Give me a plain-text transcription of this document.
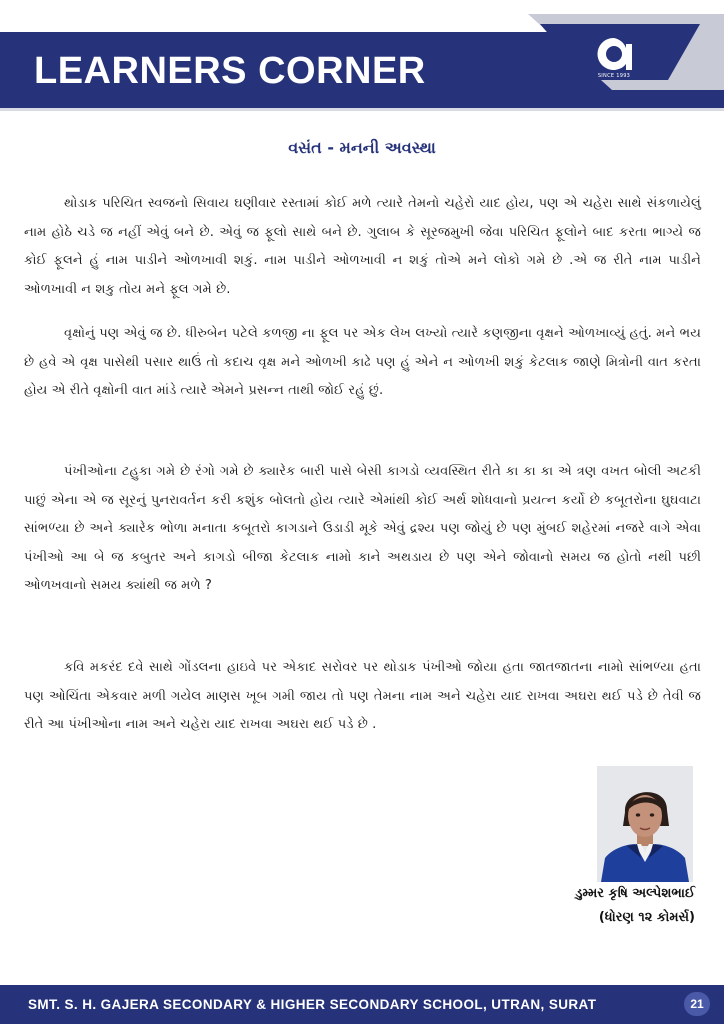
LEARNERS CORNER	SINCE 1993
વસંત - મનની અવસ્થા

થોડાક પરિચિત સ્વજનો સિવાય ઘણીવાર રસ્તામાં કોઈ મળે ત્યારે તેમનો ચહેરો યાદ હોય, પણ એ ચહેરા સાથે સંકળાયેલું નામ હોઠે ચડે જ નહીં એવું બને છે. એવું જ ફૂલો સાથે બને છે. ગુલાબ કે સૂરજમુખી જેવા પરિચિત ફૂલોને બાદ કરતા ભાગ્યે જ કોઈ ફૂલને હું નામ પાડીને ઓળખાવી શકું. નામ પાડીને ઓળખાવી ન શકું તોએ મને લોકો ગમે છે .એ જ રીતે નામ પાડીને ઓળખાવી ન શકુ તોય મને ફૂલ ગમે છે.

વૃક્ષોનું પણ એવું જ છે. ધીરુબેન પટેલે કળજી ના ફૂલ પર એક લેખ લખ્યો ત્યારે કણજીના વૃક્ષને ઓળખાવ્યું હતું. મને ભય છે હવે એ વૃક્ષ પાસેથી પસાર થાઉં તો કદાચ વૃક્ષ મને ઓળખી કાઢે પણ હું એને ન ઓળખી શકું કેટલાક જાણે મિત્રોની વાત કરતા હોય એ રીતે વૃક્ષોની વાત માંડે ત્યારે એમને પ્રસન્ન તાથી જોઈ રહું છું.

પંખીઓના ટહુકા ગમે છે રંગો ગમે છે ક્યારેક બારી પાસે બેસી કાગડો વ્યવસ્થિત રીતે કા કા કા એ ત્રણ વખત બોલી અટકી પાછું એના એ જ સૂરનું પુનરાવર્તન કરી કશુંક બોલતો હોય ત્યારે એમાંથી કોઈ અર્થ શોધવાનો પ્રયત્ન કર્યો છે કબૂતરોના ઘુઘવાટા સાંભળ્યા છે અને ક્યારેક ભોળા મનાતા કબૂતરો કાગડાને ઉડાડી મૂકે એવું દ્રશ્ય પણ જોયું છે પણ મુંબઈ શહેરમાં નજરે વાગે એવા પંખીઓ આ બે જ કબુતર અને કાગડો બીજા કેટલાક નામો કાને અથડાય છે પણ એને જોવાનો સમય જ હોતો નથી પછી ઓળખવાનો સમય ક્યાંથી જ મળે ?

કવિ મકરંદ દવે સાથે ગોંડલના હાઇવે પર એકાદ સરોવર પર થોડાક પંખીઓ જોયા હતા જાતજાતના નામો સાંભળ્યા હતા પણ ઓચિંતા એકવાર મળી ગયેલ માણસ ખૂબ ગમી જાય તો પણ તેમના નામ અને ચહેરા યાદ રાખવા અઘરા થઈ પડે છે તેવી જ રીતે આ પંખીઓના નામ અને ચહેરા યાદ રાખવા અઘરા થઈ પડે છે .

ડુમ્મર કૃષિ અલ્પેશભાઈ
(ધોરણ ૧૨ કોમર્સ)
SMT. S. H. GAJERA SECONDARY & HIGHER SECONDARY SCHOOL, UTRAN, SURAT	21
